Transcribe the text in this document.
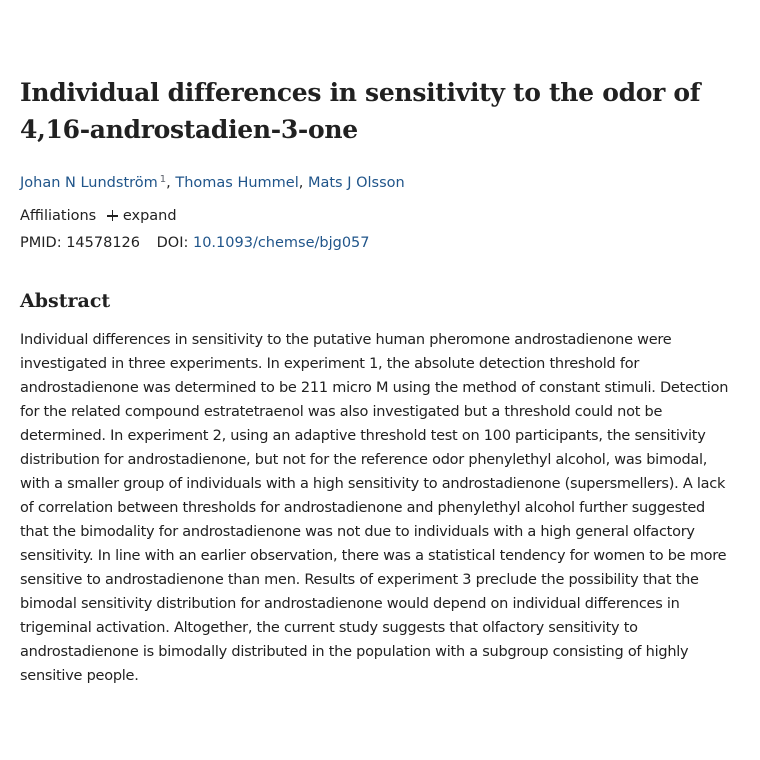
Individual differences in sensitivity to the odor of 4,16-androstadien-3-one
Johan N Lundström $^1$, Thomas Hummel, Mats J Olsson
Affiliations expand
PMID: 14578126 DOI: 10.1093/chemse/bjg057
Abstract

Individual differences in sensitivity to the putative human pheromone androstadienone were investigated in three experiments. In experiment 1, the absolute detection threshold for androstadienone was determined to be 211 micro M using the method of constant stimuli. Detection for the related compound estratetraenol was also investigated but a threshold could not be determined. In experiment 2, using an adaptive threshold test on 100 participants, the sensitivity distribution for androstadienone, but not for the reference odor phenylethyl alcohol, was bimodal, with a smaller group of individuals with a high sensitivity to androstadienone (supersmellers). A lack of correlation between thresholds for androstadienone and phenylethyl alcohol further suggested that the bimodality for androstadienone was not due to individuals with a high general olfactory sensitivity. In line with an earlier observation, there was a statistical tendency for women to be more sensitive to androstadienone than men. Results of experiment 3 preclude the possibility that the bimodal sensitivity distribution for androstadienone would depend on individual differences in trigeminal activation. Altogether, the current study suggests that olfactory sensitivity to androstadienone is bimodally distributed in the population with a subgroup consisting of highly sensitive people.
